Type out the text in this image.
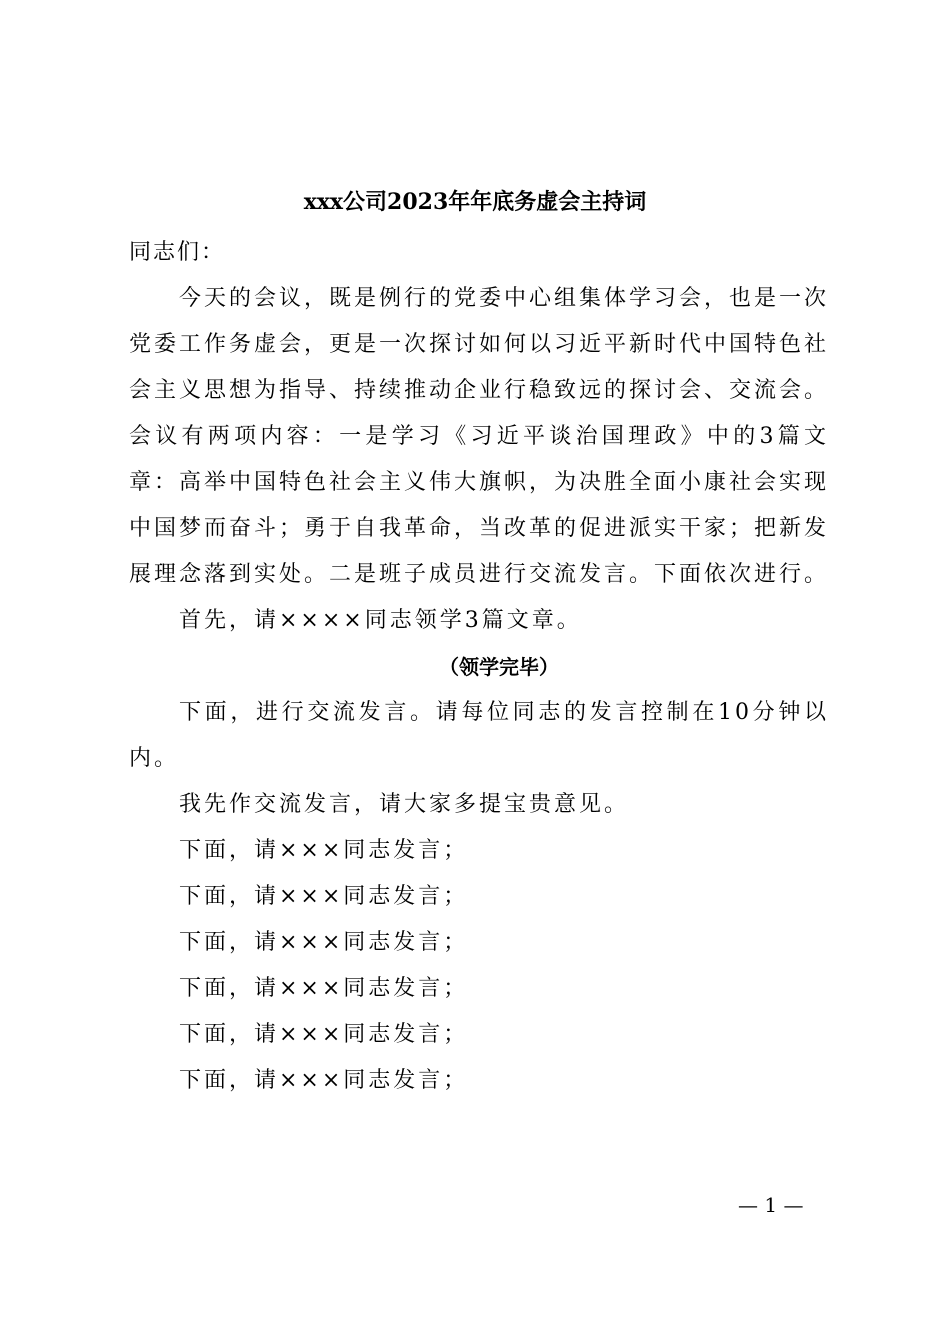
xxx公司2023年年底务虚会主持词

同志们：

今天的会议，既是例行的党委中心组集体学习会，也是一次党委工作务虚会，更是一次探讨如何以习近平新时代中国特色社会主义思想为指导、持续推动企业行稳致远的探讨会、交流会。会议有两项内容：一是学习《习近平谈治国理政》中的3篇文章：高举中国特色社会主义伟大旗帜，为决胜全面小康社会实现中国梦而奋斗；勇于自我革命，当改革的促进派实干家；把新发展理念落到实处。二是班子成员进行交流发言。下面依次进行。

首先，请××××同志领学3篇文章。

（领学完毕）

下面，进行交流发言。请每位同志的发言控制在10分钟以内。

我先作交流发言，请大家多提宝贵意见。

下面，请×××同志发言；

下面，请×××同志发言；

下面，请×××同志发言；

下面，请×××同志发言；

下面，请×××同志发言；

下面，请×××同志发言；

— 1 —
